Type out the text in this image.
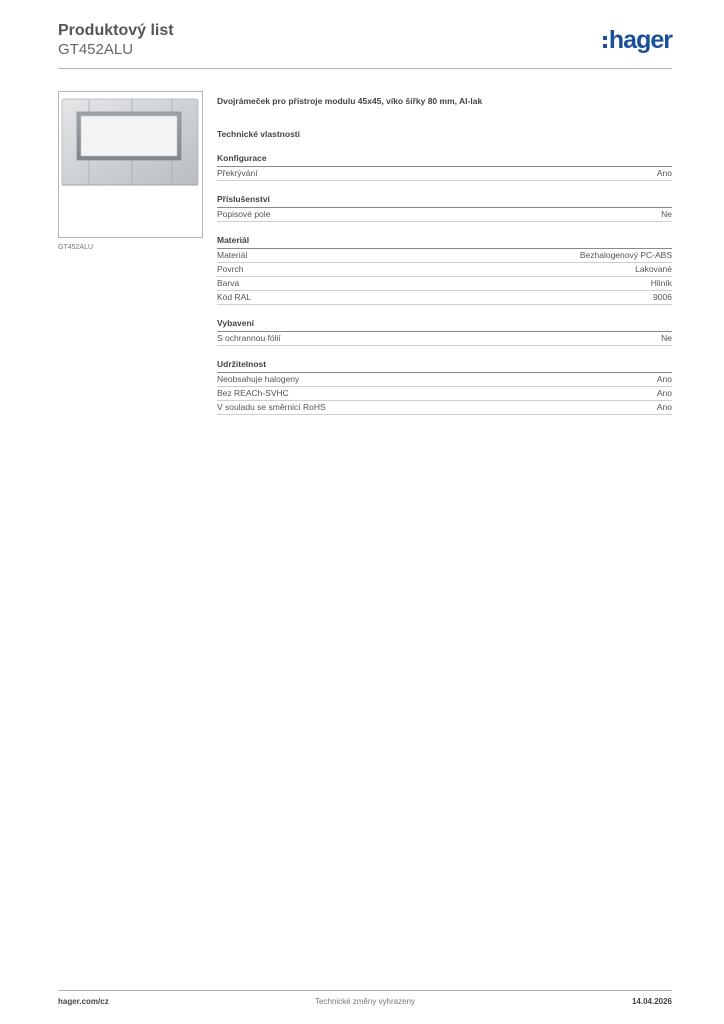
Produktový list
GT452ALU	hager
GT452ALU
Dvojrámeček pro přístroje modulu 45x45, víko šířky 80 mm, Al-lak
Technické vlastnosti
Konfigurace
Překrývání	Ano
Příslušenství
Popisové pole	Ne
Materiál
Materiál	Bezhalogenový PC-ABS
Povrch	Lakované
Barva	Hliník
Kód RAL	9006
Vybavení
S ochrannou fólií	Ne
Udržitelnost
Neobsahuje halogeny	Ano
Bez REACh-SVHC	Ano
V souladu se směrnicí RoHS	Ano
hager.com/cz	Technické změny vyhrazeny	14.04.2026
